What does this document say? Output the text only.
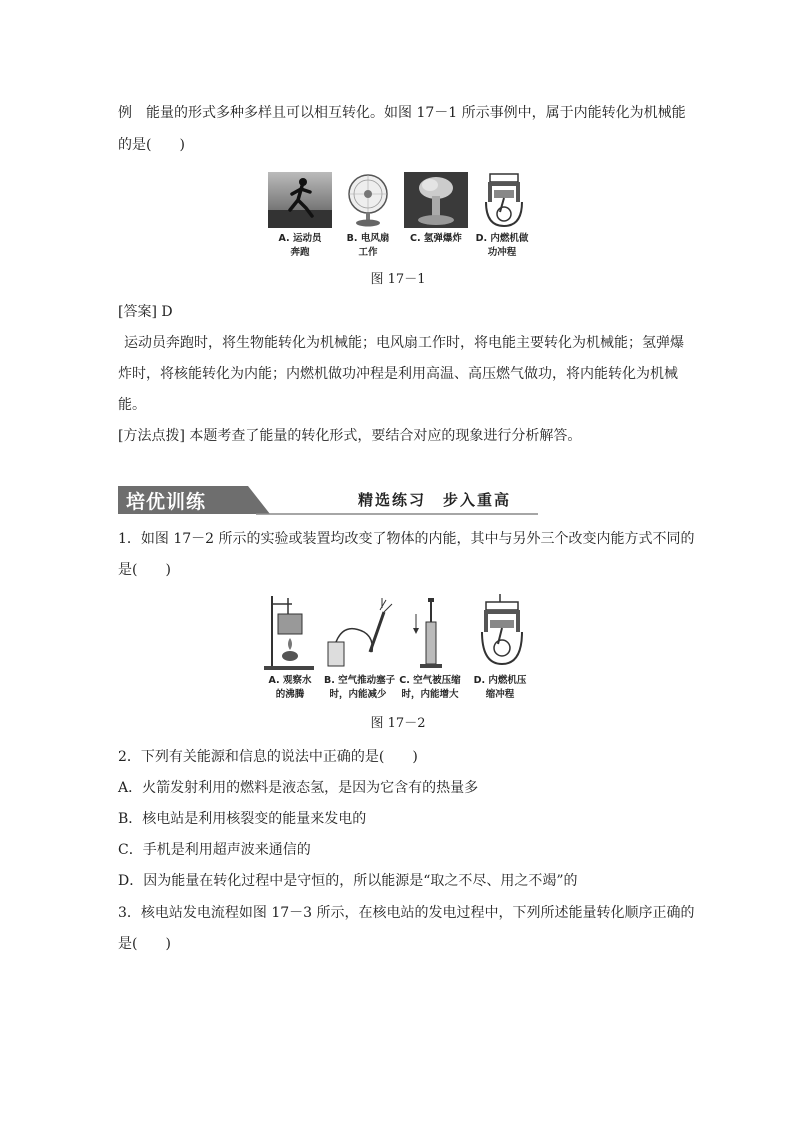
例　能量的形式多种多样且可以相互转化。如图 17－1 所示事例中，属于内能转化为机械能
的是(　　)
A. 运动员
奔跑
B. 电风扇
工作
C. 氢弹爆炸	D. 内燃机做
功冲程
图 17－1
[答案] D
运动员奔跑时，将生物能转化为机械能；电风扇工作时，将电能主要转化为机械能；氢弹爆
炸时，将核能转化为内能；内燃机做功冲程是利用高温、高压燃气做功，将内能转化为机械
能。
[方法点拨] 本题考查了能量的转化形式，要结合对应的现象进行分析解答。
培优训练	精选练习　步入重高
1．如图 17－2 所示的实验或装置均改变了物体的内能，其中与另外三个改变内能方式不同的
是(　　)
A. 观察水
的沸腾
B. 空气推动塞子
时，内能减少
C. 空气被压缩
时，内能增大
D. 内燃机压
缩冲程
图 17－2
2．下列有关能源和信息的说法中正确的是(　　)
A．火箭发射利用的燃料是液态氢，是因为它含有的热量多
B．核电站是利用核裂变的能量来发电的
C．手机是利用超声波来通信的
D．因为能量在转化过程中是守恒的，所以能源是“取之不尽、用之不竭”的
3．核电站发电流程如图 17－3 所示，在核电站的发电过程中，下列所述能量转化顺序正确的
是(　　)
